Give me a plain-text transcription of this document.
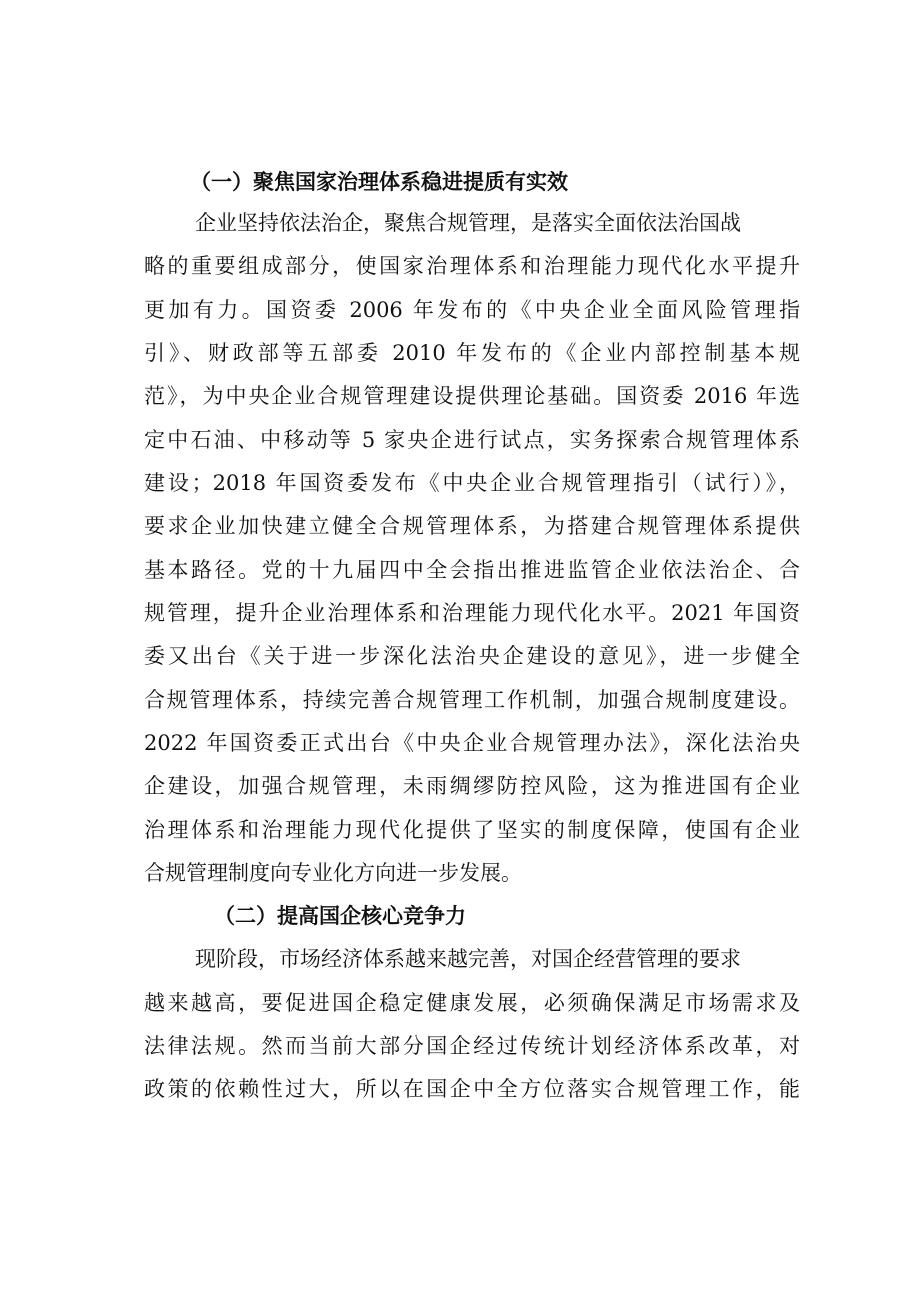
（一）聚焦国家治理体系稳进提质有实效
企业坚持依法治企，聚焦合规管理，是落实全面依法治国战
略的重要组成部分，使国家治理体系和治理能力现代化水平提升
更加有力。国资委 2006 年发布的《中央企业全面风险管理指
引》、财政部等五部委 2010 年发布的《企业内部控制基本规
范》，为中央企业合规管理建设提供理论基础。国资委 2016 年选
定中石油、中移动等 5 家央企进行试点，实务探索合规管理体系
建设；2018 年国资委发布《中央企业合规管理指引（试行）》，
要求企业加快建立健全合规管理体系，为搭建合规管理体系提供
基本路径。党的十九届四中全会指出推进监管企业依法治企、合
规管理，提升企业治理体系和治理能力现代化水平。2021 年国资
委又出台《关于进一步深化法治央企建设的意见》，进一步健全
合规管理体系，持续完善合规管理工作机制，加强合规制度建设。
2022 年国资委正式出台《中央企业合规管理办法》，深化法治央
企建设，加强合规管理，未雨绸缪防控风险，这为推进国有企业
治理体系和治理能力现代化提供了坚实的制度保障，使国有企业
合规管理制度向专业化方向进一步发展。
（二）提高国企核心竞争力
现阶段，市场经济体系越来越完善，对国企经营管理的要求
越来越高，要促进国企稳定健康发展，必须确保满足市场需求及
法律法规。然而当前大部分国企经过传统计划经济体系改革，对
政策的依赖性过大，所以在国企中全方位落实合规管理工作，能
